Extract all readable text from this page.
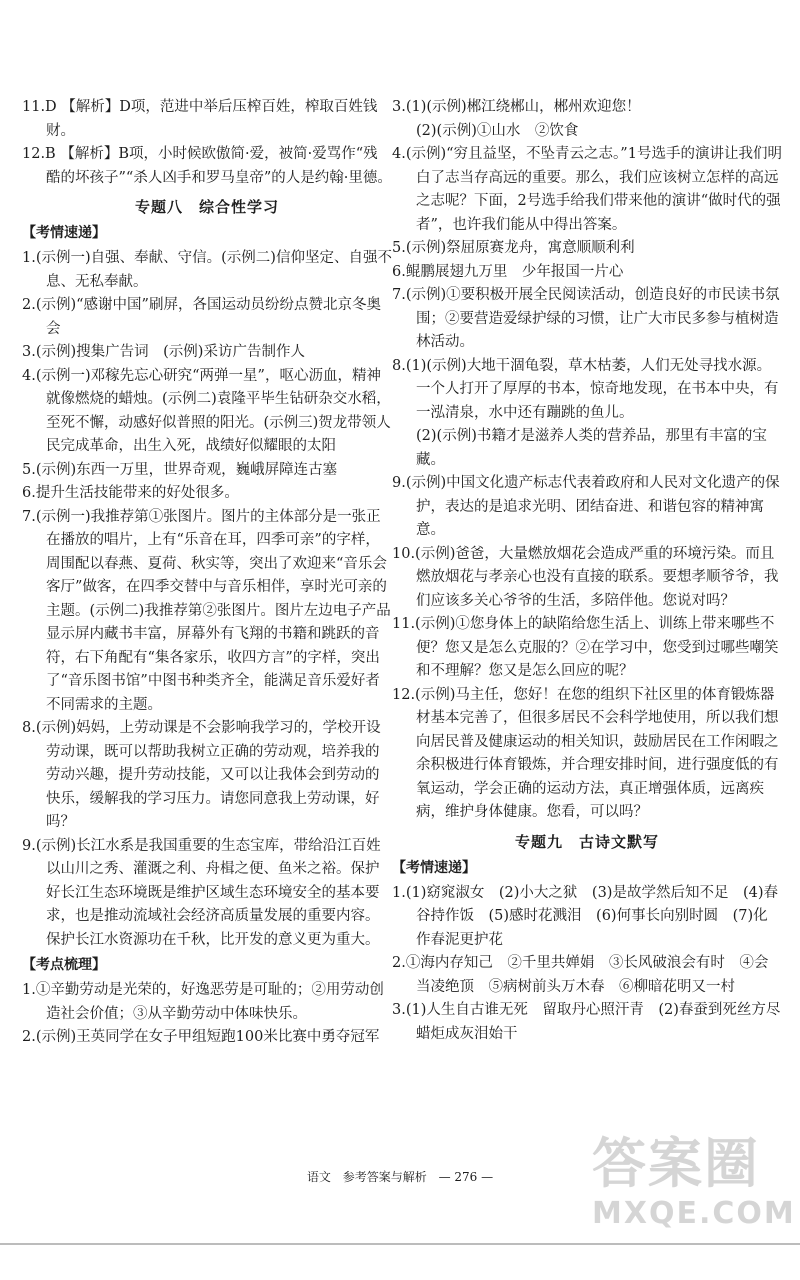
11.D 【解析】D项，范进中举后压榨百姓，榨取百姓钱财。
12.B 【解析】B项，小时候欧傲简·爱，被简·爱骂作“残酷的坏孩子”“杀人凶手和罗马皇帝”的人是约翰·里德。
专题八　综合性学习
【考情速递】
1.(示例一)自强、奉献、守信。(示例二)信仰坚定、自强不息、无私奉献。
2.(示例)“感谢中国”刷屏，各国运动员纷纷点赞北京冬奥会
3.(示例)搜集广告词　(示例)采访广告制作人
4.(示例一)邓稼先忘心研究“两弹一星”，呕心沥血，精神就像燃烧的蜡烛。(示例二)袁隆平毕生钻研杂交水稻，至死不懈，动感好似普照的阳光。(示例三)贺龙带领人民完成革命，出生入死，战绩好似耀眼的太阳
5.(示例)东西一万里，世界奇观，巍峨屏障连古塞
6.提升生活技能带来的好处很多。
7.(示例一)我推荐第①张图片。图片的主体部分是一张正在播放的唱片，上有“乐音在耳，四季可亲”的字样，周围配以春燕、夏荷、秋实等，突出了欢迎来“音乐会客厅”做客，在四季交替中与音乐相伴，享时光可亲的主题。(示例二)我推荐第②张图片。图片左边电子产品显示屏内藏书丰富，屏幕外有飞翔的书籍和跳跃的音符，右下角配有“集各家乐，收四方言”的字样，突出了“音乐图书馆”中图书种类齐全，能满足音乐爱好者不同需求的主题。
8.(示例)妈妈，上劳动课是不会影响我学习的，学校开设劳动课，既可以帮助我树立正确的劳动观，培养我的劳动兴趣，提升劳动技能，又可以让我体会到劳动的快乐，缓解我的学习压力。请您同意我上劳动课，好吗？
9.(示例)长江水系是我国重要的生态宝库，带给沿江百姓以山川之秀、灌溉之利、舟楫之便、鱼米之裕。保护好长江生态环境既是维护区域生态环境安全的基本要求，也是推动流域社会经济高质量发展的重要内容。保护长江水资源功在千秋，比开发的意义更为重大。
【考点梳理】
1.①辛勤劳动是光荣的，好逸恶劳是可耻的；②用劳动创造社会价值；③从辛勤劳动中体味快乐。
2.(示例)王英同学在女子甲组短跑100米比赛中勇夺冠军
3.(1)(示例)郴江绕郴山，郴州欢迎您！
(2)(示例)①山水　②饮食
4.(示例)“穷且益坚，不坠青云之志。”1号选手的演讲让我们明白了志当存高远的重要。那么，我们应该树立怎样的高远之志呢？下面，2号选手给我们带来他的演讲“做时代的强者”，也许我们能从中得出答案。
5.(示例)祭屈原赛龙舟，寓意顺顺利利
6.鲲鹏展翅九万里　少年报国一片心
7.(示例)①要积极开展全民阅读活动，创造良好的市民读书氛围；②要营造爱绿护绿的习惯，让广大市民多参与植树造林活动。
8.(1)(示例)大地干涸龟裂，草木枯萎，人们无处寻找水源。一个人打开了厚厚的书本，惊奇地发现，在书本中央，有一泓清泉，水中还有蹦跳的鱼儿。
(2)(示例)书籍才是滋养人类的营养品，那里有丰富的宝藏。
9.(示例)中国文化遗产标志代表着政府和人民对文化遗产的保护，表达的是追求光明、团结奋进、和谐包容的精神寓意。
10.(示例)爸爸，大量燃放烟花会造成严重的环境污染。而且燃放烟花与孝亲心也没有直接的联系。要想孝顺爷爷，我们应该多关心爷爷的生活，多陪伴他。您说对吗？
11.(示例)①您身体上的缺陷给您生活上、训练上带来哪些不便？您又是怎么克服的？②在学习中，您受到过哪些嘲笑和不理解？您又是怎么回应的呢？
12.(示例)马主任，您好！在您的组织下社区里的体育锻炼器材基本完善了，但很多居民不会科学地使用，所以我们想向居民普及健康运动的相关知识，鼓励居民在工作闲暇之余积极进行体育锻炼，并合理安排时间，进行强度低的有氧运动，学会正确的运动方法，真正增强体质，远离疾病，维护身体健康。您看，可以吗？
专题九　古诗文默写
【考情速递】
1.(1)窈窕淑女　(2)小大之狱　(3)是故学然后知不足　(4)春谷持作饭　(5)感时花溅泪　(6)何事长向别时圆　(7)化作春泥更护花
2.①海内存知己　②千里共婵娟　③长风破浪会有时　④会当凌绝顶　⑤病树前头万木春　⑥柳暗花明又一村
3.(1)人生自古谁无死　留取丹心照汗青　(2)春蚕到死丝方尽　蜡炬成灰泪始干
语文 参考答案与解析 — 276 —	答案圈
MXQE.COM
